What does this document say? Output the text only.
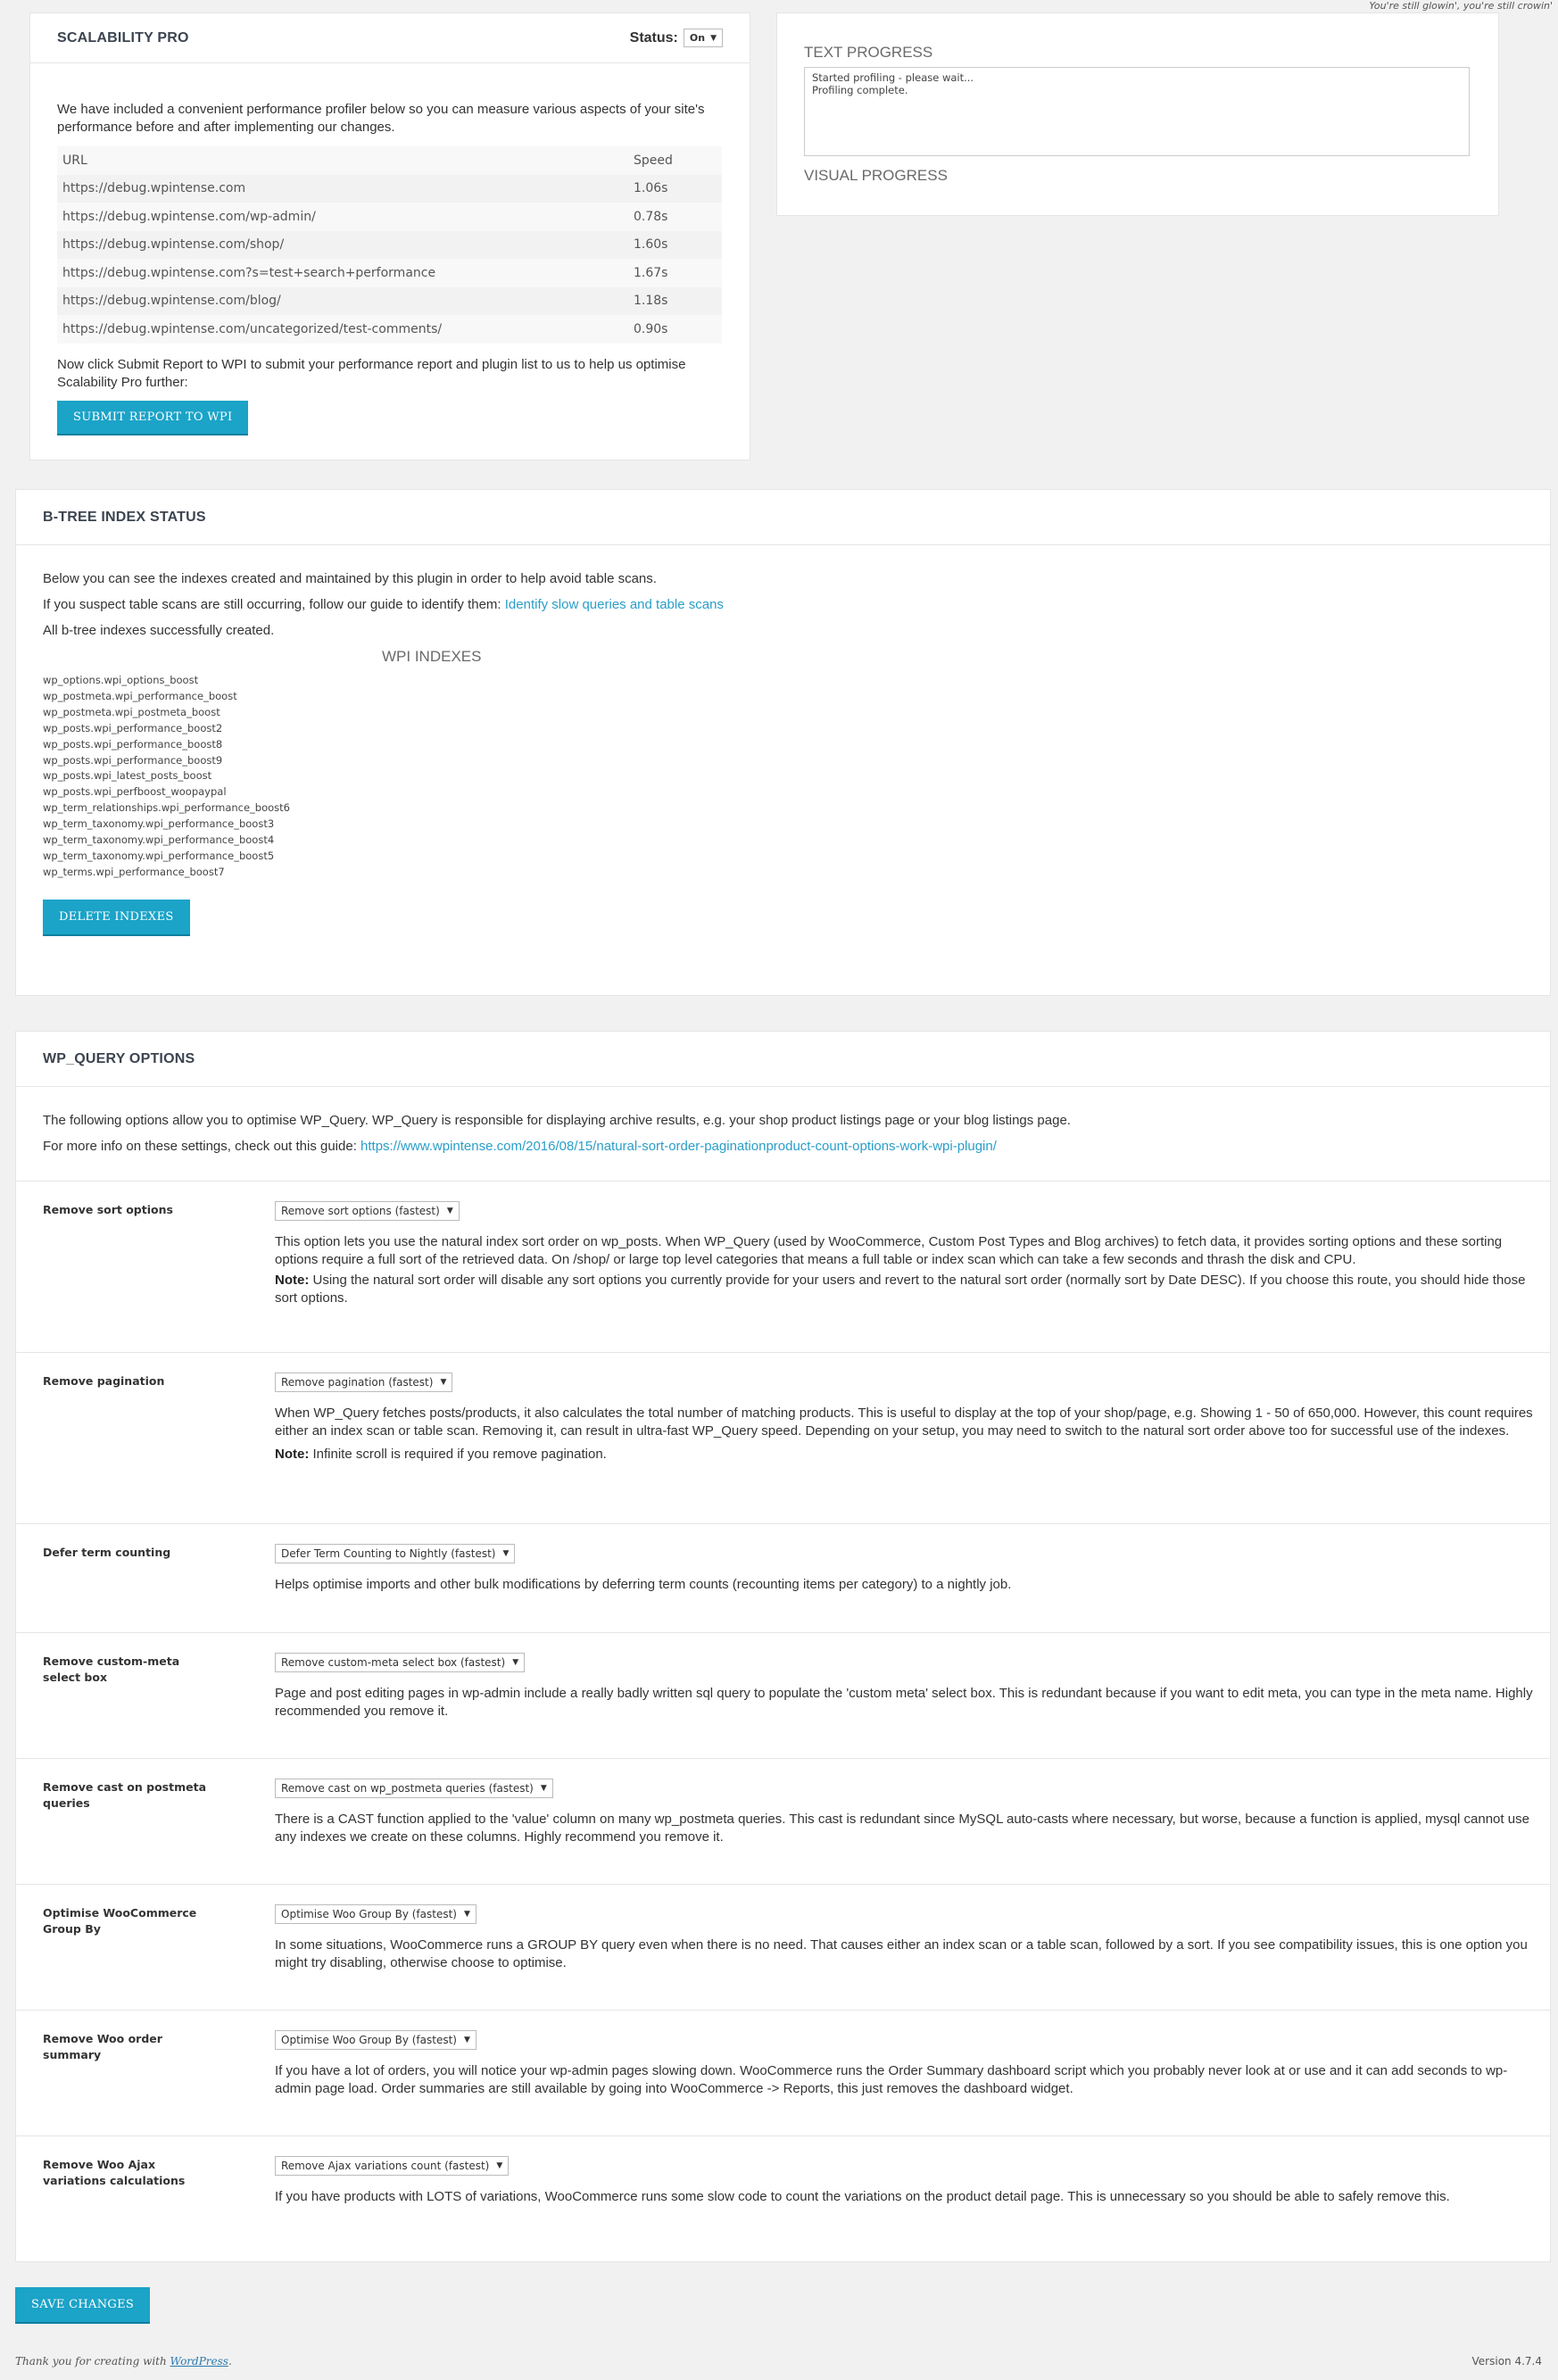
You're still glowin', you're still crowin'
SCALABILITY PRO	Status: On ▼
We have included a convenient performance profiler below so you can measure various aspects of your site's performance before and after implementing our changes.
URL	Speed
https://debug.wpintense.com	1.06s
https://debug.wpintense.com/wp-admin/	0.78s
https://debug.wpintense.com/shop/	1.60s
https://debug.wpintense.com?s=test+search+performance	1.67s
https://debug.wpintense.com/blog/	1.18s
https://debug.wpintense.com/uncategorized/test-comments/	0.90s
Now click Submit Report to WPI to submit your performance report and plugin list to us to help us optimise Scalability Pro further:
SUBMIT REPORT TO WPI
TEXT PROGRESS
Started profiling - please wait... Profiling complete.
VISUAL PROGRESS
B-TREE INDEX STATUS
Below you can see the indexes created and maintained by this plugin in order to help avoid table scans.
If you suspect table scans are still occurring, follow our guide to identify them: Identify slow queries and table scans
All b-tree indexes successfully created.
WPI INDEXES
wp_options.wpi_options_boost
wp_postmeta.wpi_performance_boost
wp_postmeta.wpi_postmeta_boost
wp_posts.wpi_performance_boost2
wp_posts.wpi_performance_boost8
wp_posts.wpi_performance_boost9
wp_posts.wpi_latest_posts_boost
wp_posts.wpi_perfboost_woopaypal
wp_term_relationships.wpi_performance_boost6
wp_term_taxonomy.wpi_performance_boost3
wp_term_taxonomy.wpi_performance_boost4
wp_term_taxonomy.wpi_performance_boost5
wp_terms.wpi_performance_boost7
DELETE INDEXES
WP_QUERY OPTIONS
The following options allow you to optimise WP_Query. WP_Query is responsible for displaying archive results, e.g. your shop product listings page or your blog listings page.
For more info on these settings, check out this guide: https://www.wpintense.com/2016/08/15/natural-sort-order-paginationproduct-count-options-work-wpi-plugin/
Remove sort options	Remove sort options (fastest) ▼
This option lets you use the natural index sort order on wp_posts. When WP_Query (used by WooCommerce, Custom Post Types and Blog archives) to fetch data, it provides sorting options and these sorting options require a full sort of the retrieved data. On /shop/ or large top level categories that means a full table or index scan which can take a few seconds and thrash the disk and CPU.
Note: Using the natural sort order will disable any sort options you currently provide for your users and revert to the natural sort order (normally sort by Date DESC). If you choose this route, you should hide those sort options.
Remove pagination	Remove pagination (fastest) ▼
When WP_Query fetches posts/products, it also calculates the total number of matching products. This is useful to display at the top of your shop/page, e.g. Showing 1 - 50 of 650,000. However, this count requires either an index scan or table scan. Removing it, can result in ultra-fast WP_Query speed. Depending on your setup, you may need to switch to the natural sort order above too for successful use of the indexes.
Note: Infinite scroll is required if you remove pagination.
Defer term counting	Defer Term Counting to Nightly (fastest) ▼
Helps optimise imports and other bulk modifications by deferring term counts (recounting items per category) to a nightly job.
Remove custom-meta select box
Remove custom-meta select box (fastest) ▼
Page and post editing pages in wp-admin include a really badly written sql query to populate the 'custom meta' select box. This is redundant because if you want to edit meta, you can type in the meta name. Highly recommended you remove it.
Remove cast on postmeta queries
Remove cast on wp_postmeta queries (fastest) ▼
There is a CAST function applied to the 'value' column on many wp_postmeta queries. This cast is redundant since MySQL auto-casts where necessary, but worse, because a function is applied, mysql cannot use any indexes we create on these columns. Highly recommend you remove it.
Optimise WooCommerce Group By
Optimise Woo Group By (fastest) ▼
In some situations, WooCommerce runs a GROUP BY query even when there is no need. That causes either an index scan or a table scan, followed by a sort. If you see compatibility issues, this is one option you might try disabling, otherwise choose to optimise.
Remove Woo order summary
Optimise Woo Group By (fastest) ▼
If you have a lot of orders, you will notice your wp-admin pages slowing down. WooCommerce runs the Order Summary dashboard script which you probably never look at or use and it can add seconds to wp-admin page load. Order summaries are still available by going into WooCommerce -> Reports, this just removes the dashboard widget.
Remove Woo Ajax variations calculations
Remove Ajax variations count (fastest) ▼
If you have products with LOTS of variations, WooCommerce runs some slow code to count the variations on the product detail page. This is unnecessary so you should be able to safely remove this.
SAVE CHANGES
Thank you for creating with WordPress.	Version 4.7.4
